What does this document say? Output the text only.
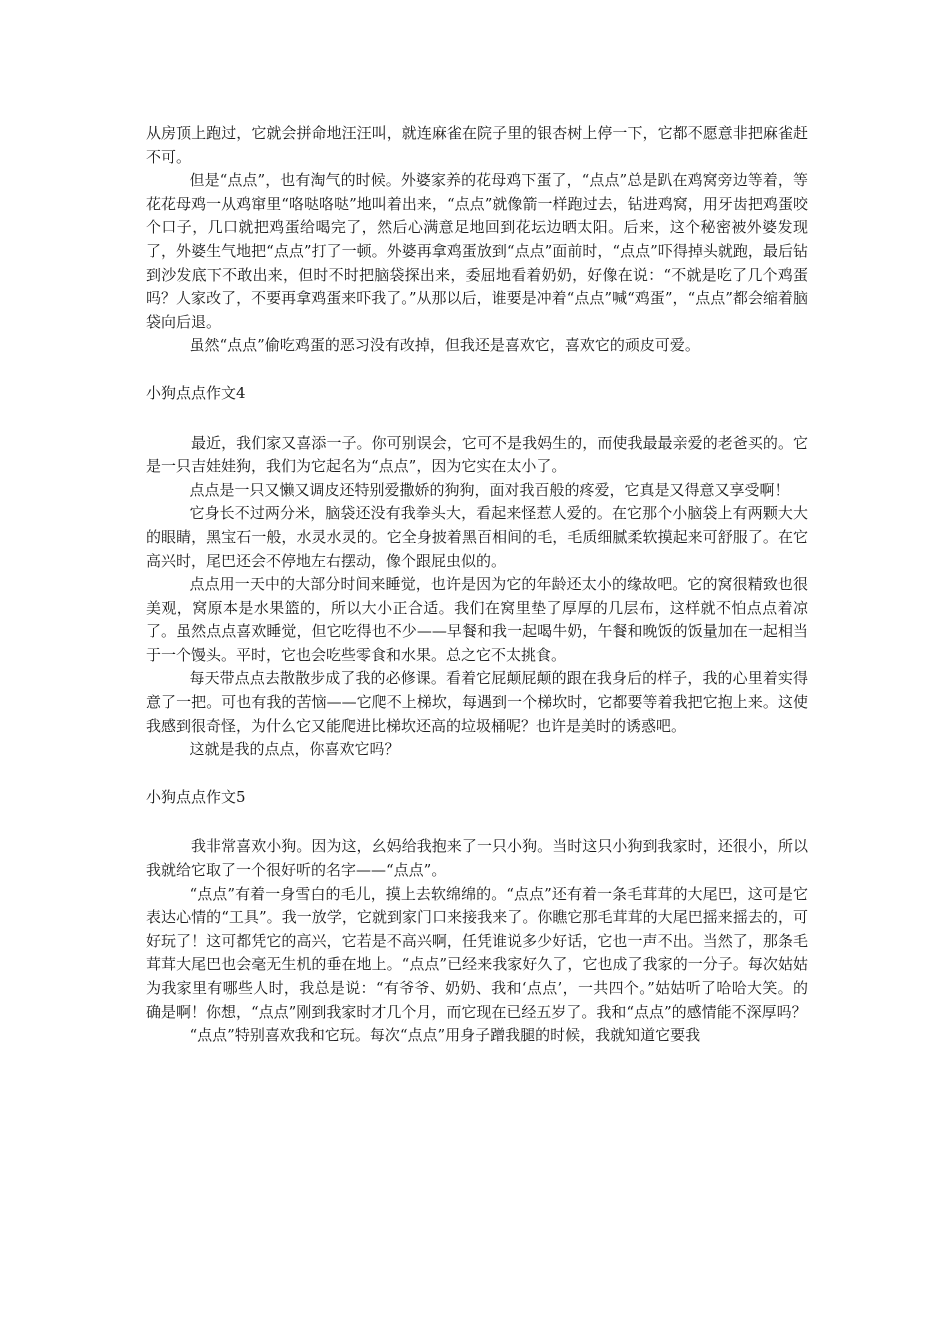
从房顶上跑过，它就会拼命地汪汪叫，就连麻雀在院子里的银杏树上停一下，它都不愿意非把麻雀赶不可。

但是“点点”，也有淘气的时候。外婆家养的花母鸡下蛋了，“点点”总是趴在鸡窝旁边等着，等花花母鸡一从鸡窜里“咯哒咯哒”地叫着出来，“点点”就像箭一样跑过去，钻进鸡窝，用牙齿把鸡蛋咬个口子，几口就把鸡蛋给喝完了，然后心满意足地回到花坛边晒太阳。后来，这个秘密被外婆发现了，外婆生气地把“点点”打了一顿。外婆再拿鸡蛋放到“点点”面前时，“点点”吓得掉头就跑，最后钻到沙发底下不敢出来，但时不时把脑袋探出来，委屈地看着奶奶，好像在说：“不就是吃了几个鸡蛋吗？人家改了，不要再拿鸡蛋来吓我了。”从那以后，谁要是冲着“点点”喊“鸡蛋”，“点点”都会缩着脑袋向后退。

虽然“点点”偷吃鸡蛋的恶习没有改掉，但我还是喜欢它，喜欢它的顽皮可爱。

小狗点点作文4

最近，我们家又喜添一子。你可别误会，它可不是我妈生的，而使我最最亲爱的老爸买的。它是一只吉娃娃狗，我们为它起名为“点点”，因为它实在太小了。

点点是一只又懒又调皮还特别爱撒娇的狗狗，面对我百般的疼爱，它真是又得意又享受啊！

它身长不过两分米，脑袋还没有我拳头大，看起来怪惹人爱的。在它那个小脑袋上有两颗大大的眼睛，黑宝石一般，水灵水灵的。它全身披着黑百相间的毛，毛质细腻柔软摸起来可舒服了。在它高兴时，尾巴还会不停地左右摆动，像个跟屁虫似的。

点点用一天中的大部分时间来睡觉，也许是因为它的年龄还太小的缘故吧。它的窝很精致也很美观，窝原本是水果篮的，所以大小正合适。我们在窝里垫了厚厚的几层布，这样就不怕点点着凉了。虽然点点喜欢睡觉，但它吃得也不少——早餐和我一起喝牛奶，午餐和晚饭的饭量加在一起相当于一个馒头。平时，它也会吃些零食和水果。总之它不太挑食。

每天带点点去散散步成了我的必修课。看着它屁颠屁颠的跟在我身后的样子，我的心里着实得意了一把。可也有我的苦恼——它爬不上梯坎，每遇到一个梯坎时，它都要等着我把它抱上来。这使我感到很奇怪，为什么它又能爬进比梯坎还高的垃圾桶呢？也许是美时的诱惑吧。

这就是我的点点，你喜欢它吗？

小狗点点作文5

我非常喜欢小狗。因为这，幺妈给我抱来了一只小狗。当时这只小狗到我家时，还很小，所以我就给它取了一个很好听的名字——“点点”。

“点点”有着一身雪白的毛儿，摸上去软绵绵的。“点点”还有着一条毛茸茸的大尾巴，这可是它表达心情的“工具”。我一放学，它就到家门口来接我来了。你瞧它那毛茸茸的大尾巴摇来摇去的，可好玩了！这可都凭它的高兴，它若是不高兴啊，任凭谁说多少好话，它也一声不出。当然了，那条毛茸茸大尾巴也会毫无生机的垂在地上。“点点”已经来我家好久了，它也成了我家的一分子。每次姑姑为我家里有哪些人时，我总是说：“有爷爷、奶奶、我和‘点点’，一共四个。”姑姑听了哈哈大笑。的确是啊！你想，“点点”刚到我家时才几个月，而它现在已经五岁了。我和“点点”的感情能不深厚吗？

“点点”特别喜欢我和它玩。每次“点点”用身子蹭我腿的时候，我就知道它要我
